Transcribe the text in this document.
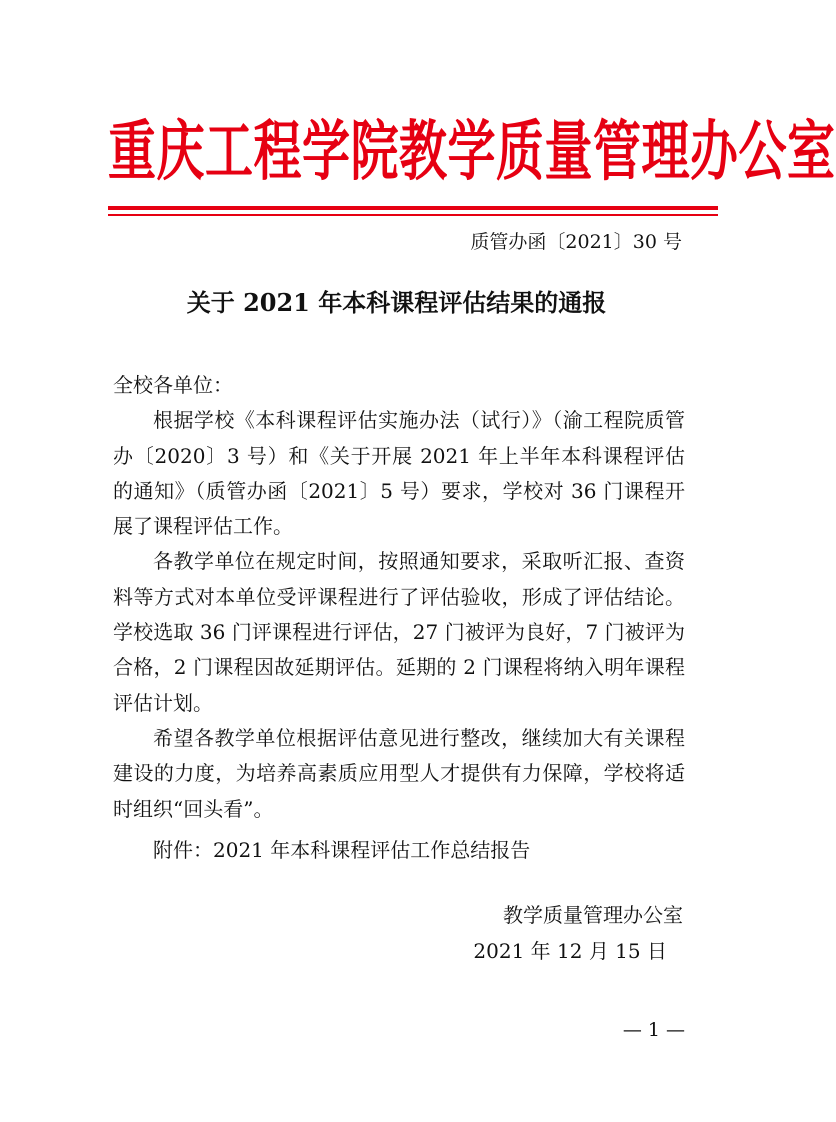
重庆工程学院教学质量管理办公室
质管办函〔2021〕30 号
关于 2021 年本科课程评估结果的通报

全校各单位：

根据学校《本科课程评估实施办法（试行）》（渝工程院质管办〔2020〕3 号）和《关于开展 2021 年上半年本科课程评估的通知》（质管办函〔2021〕5 号）要求，学校对 36 门课程开展了课程评估工作。

各教学单位在规定时间，按照通知要求，采取听汇报、查资料等方式对本单位受评课程进行了评估验收，形成了评估结论。学校选取 36 门评课程进行评估，27 门被评为良好，7 门被评为合格，2 门课程因故延期评估。延期的 2 门课程将纳入明年课程评估计划。

希望各教学单位根据评估意见进行整改，继续加大有关课程建设的力度，为培养高素质应用型人才提供有力保障，学校将适时组织“回头看”。

附件：2021 年本科课程评估工作总结报告
教学质量管理办公室
2021 年 12 月 15 日
— 1 —
